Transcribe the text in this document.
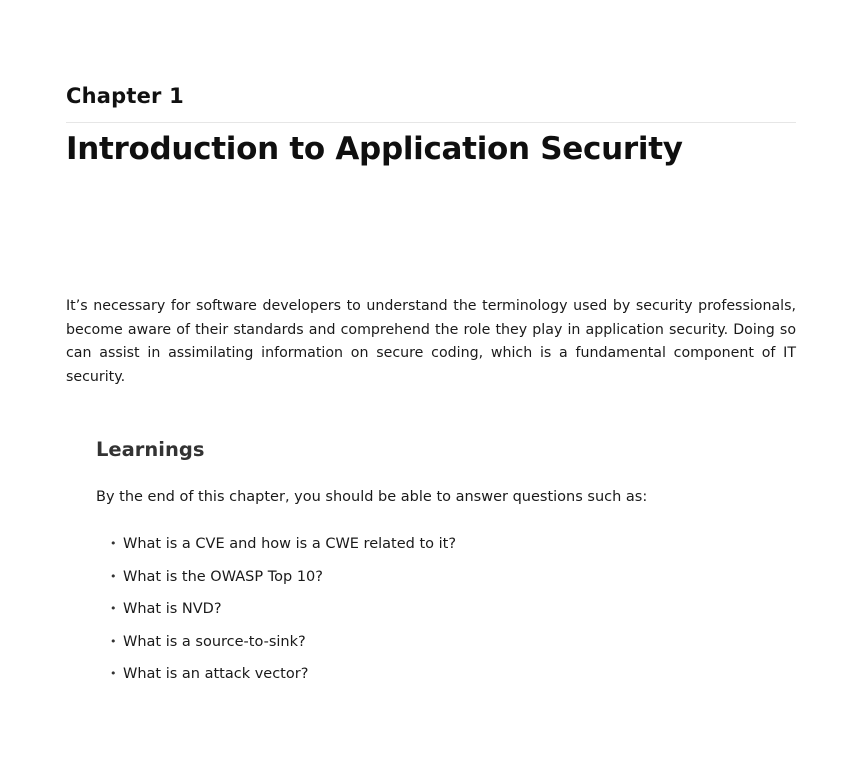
Chapter 1
Introduction to Application Security

It’s necessary for software developers to understand the terminology used by security professionals, become aware of their standards and comprehend the role they play in application security. Doing so can assist in assimilating information on secure coding, which is a fundamental component of IT security.

Learnings

By the end of this chapter, you should be able to answer questions such as:

• What is a CVE and how is a CWE related to it?
• What is the OWASP Top 10?
• What is NVD?
• What is a source-to-sink?
• What is an attack vector?
